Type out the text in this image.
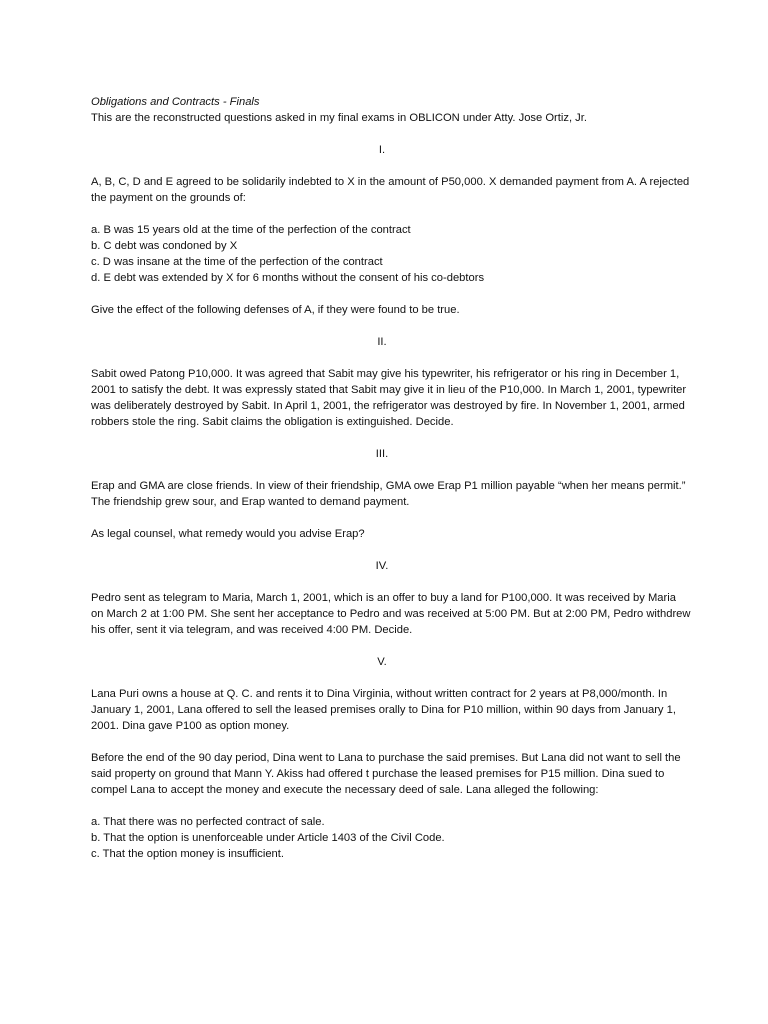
Obligations and Contracts - Finals

This are the reconstructed questions asked in my final exams in OBLICON under Atty. Jose Ortiz, Jr.

I.

A, B, C, D and E agreed to be solidarily indebted to X in the amount of P50,000. X demanded payment from A. A rejected the payment on the grounds of:

a. B was 15 years old at the time of the perfection of the contract
b. C debt was condoned by X
c. D was insane at the time of the perfection of the contract
d. E debt was extended by X for 6 months without the consent of his co-debtors

Give the effect of the following defenses of A, if they were found to be true.

II.

Sabit owed Patong P10,000. It was agreed that Sabit may give his typewriter, his refrigerator or his ring in December 1, 2001 to satisfy the debt. It was expressly stated that Sabit may give it in lieu of the P10,000. In March 1, 2001, typewriter was deliberately destroyed by Sabit. In April 1, 2001, the refrigerator was destroyed by fire. In November 1, 2001, armed robbers stole the ring. Sabit claims the obligation is extinguished. Decide.

III.

Erap and GMA are close friends. In view of their friendship, GMA owe Erap P1 million payable “when her means permit.” The friendship grew sour, and Erap wanted to demand payment.

As legal counsel, what remedy would you advise Erap?

IV.

Pedro sent as telegram to Maria, March 1, 2001, which is an offer to buy a land for P100,000. It was received by Maria on March 2 at 1:00 PM. She sent her acceptance to Pedro and was received at 5:00 PM. But at 2:00 PM, Pedro withdrew his offer, sent it via telegram, and was received 4:00 PM. Decide.

V.

Lana Puri owns a house at Q. C. and rents it to Dina Virginia, without written contract for 2 years at P8,000/month. In January 1, 2001, Lana offered to sell the leased premises orally to Dina for P10 million, within 90 days from January 1, 2001. Dina gave P100 as option money.

Before the end of the 90 day period, Dina went to Lana to purchase the said premises. But Lana did not want to sell the said property on ground that Mann Y. Akiss had offered t purchase the leased premises for P15 million. Dina sued to compel Lana to accept the money and execute the necessary deed of sale. Lana alleged the following:

a. That there was no perfected contract of sale.
b. That the option is unenforceable under Article 1403 of the Civil Code.
c. That the option money is insufficient.
